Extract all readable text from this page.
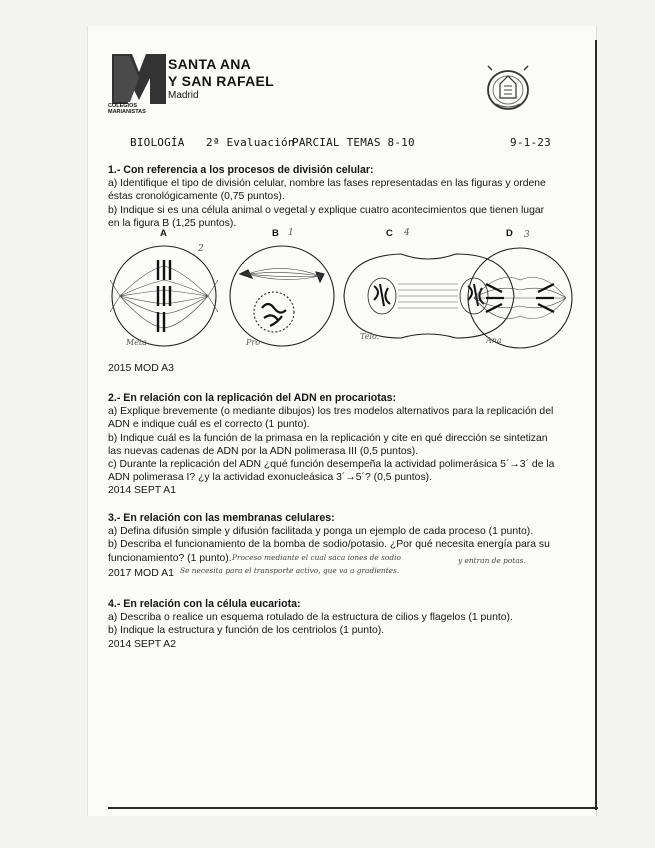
SANTA ANA
Y SAN RAFAEL
Madrid
COLEGIOS
MARIANISTAS
BIOLOGÍA 2ª Evaluación
PARCIAL TEMAS 8-10	9-1-23

1.- Con referencia a los procesos de división celular:

a) Identifique el tipo de división celular, nombre las fases representadas en las figuras y ordene

éstas cronológicamente (0,75 puntos).

b) Indique si es una célula animal o vegetal y explique cuatro acontecimientos que tienen lugar

en la figura B (1,25 puntos).

A	B	C	D
2
1	4	3
Meta	Pro
Telo.	Ana
2015 MOD A3

2.- En relación con la replicación del ADN en procariotas:

a) Explique brevemente (o mediante dibujos) los tres modelos alternativos para la replicación del

ADN e indique cuál es el correcto (1 punto).

b) Indique cuál es la función de la primasa en la replicación y cite en qué dirección se sintetizan

las nuevas cadenas de ADN por la ADN polimerasa III (0,5 puntos).

c) Durante la replicación del ADN ¿qué función desempeña la actividad polimerásica 5´→3´ de la

ADN polimerasa I? ¿y la actividad exonucleásica 3´→5´? (0,5 puntos).

2014 SEPT A1

3.- En relación con las membranas celulares:

a) Defina difusión simple y difusión facilitada y ponga un ejemplo de cada proceso (1 punto).

b) Describa el funcionamiento de la bomba de sodio/potasio. ¿Por qué necesita energía para su

funcionamiento? (1 punto). Proceso mediante el cual saca iones de sodio	y entran de potas.
2017 MOD A1 Se necesita para el transporte activo, que va a gradientes.

4.- En relación con la célula eucariota:

a) Describa o realice un esquema rotulado de la estructura de cilios y flagelos (1 punto).

b) Indique la estructura y función de los centriolos (1 punto).

2014 SEPT A2
